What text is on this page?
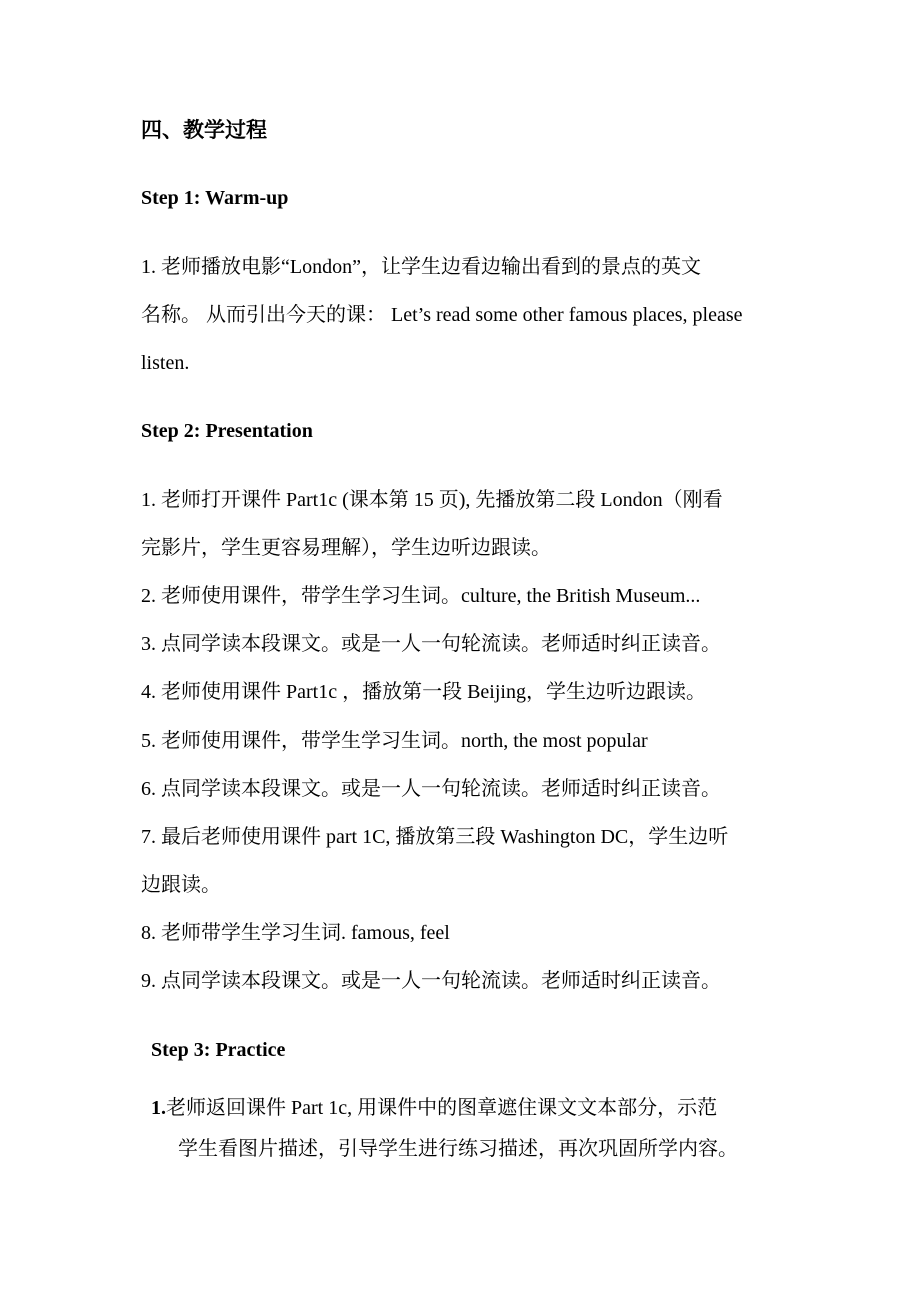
四、教学过程
Step 1: Warm-up
1. 老师播放电影“London”，让学生边看边输出看到的景点的英文
名称。 从而引出今天的课： Let’s read some other famous places, please
listen.
Step 2: Presentation
1. 老师打开课件 Part1c (课本第 15 页), 先播放第二段 London（刚看
完影片，学生更容易理解），学生边听边跟读。
2. 老师使用课件，带学生学习生词。culture, the British Museum...
3. 点同学读本段课文。或是一人一句轮流读。老师适时纠正读音。
4. 老师使用课件 Part1c ，播放第一段 Beijing，学生边听边跟读。
5. 老师使用课件，带学生学习生词。north, the most popular
6. 点同学读本段课文。或是一人一句轮流读。老师适时纠正读音。
7. 最后老师使用课件 part 1C, 播放第三段 Washington DC，学生边听
边跟读。
8. 老师带学生学习生词. famous, feel
9. 点同学读本段课文。或是一人一句轮流读。老师适时纠正读音。
Step 3: Practice
1.老师返回课件 Part 1c, 用课件中的图章遮住课文文本部分，示范
学生看图片描述，引导学生进行练习描述，再次巩固所学内容。
